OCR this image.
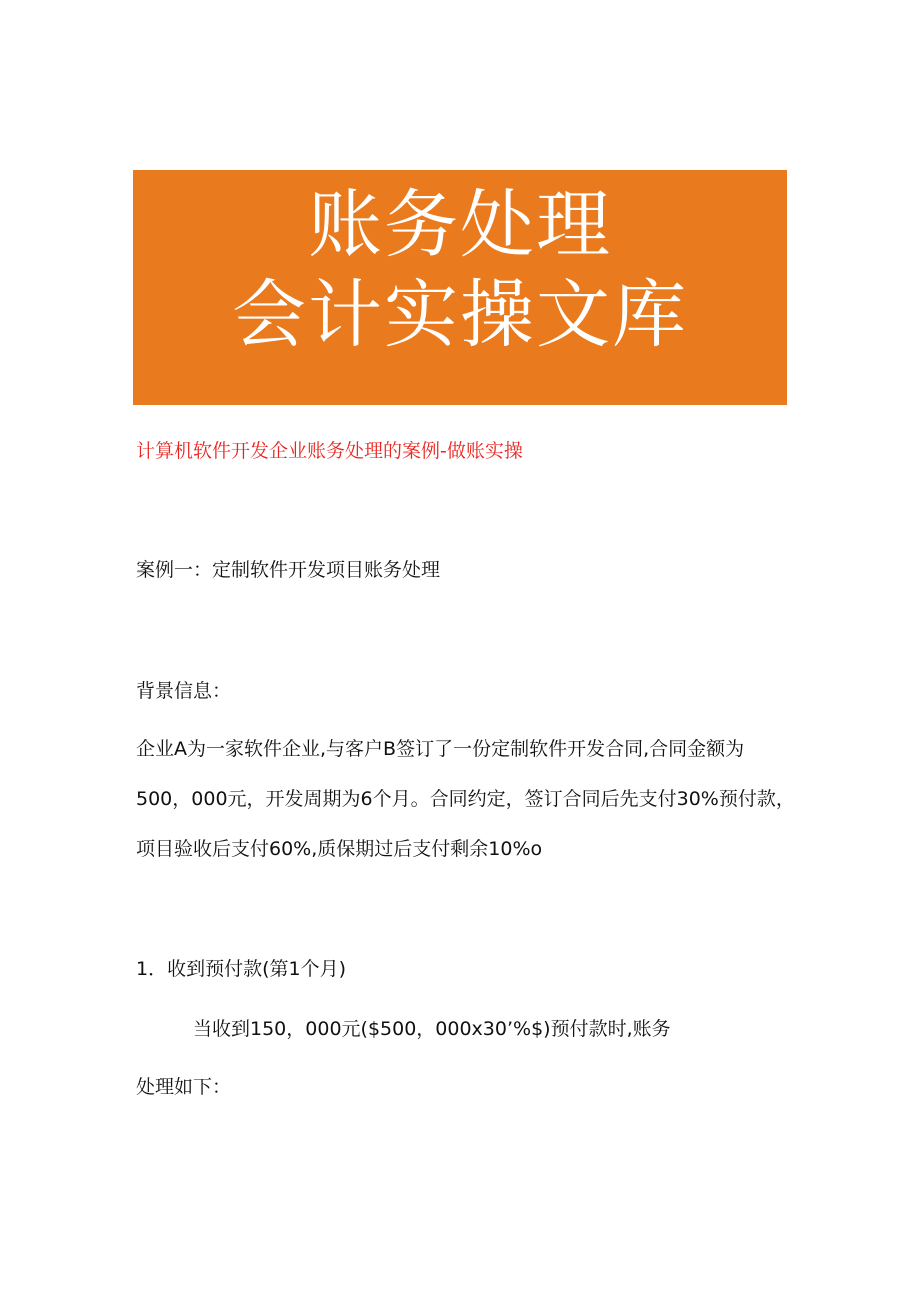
账务处理
会计实操文库
计算机软件开发企业账务处理的案例-做账实操
案例一：定制软件开发项目账务处理
背景信息：
企业A为一家软件企业,与客户B签订了一份定制软件开发合同,合同金额为
500，000元，开发周期为6个月。合同约定，签订合同后先支付30%预付款，
项目验收后支付60%,质保期过后支付剩余10%o
1．收到预付款(第1个月)
当收到150，000元($500，000x30’%$)预付款时,账务
处理如下：
